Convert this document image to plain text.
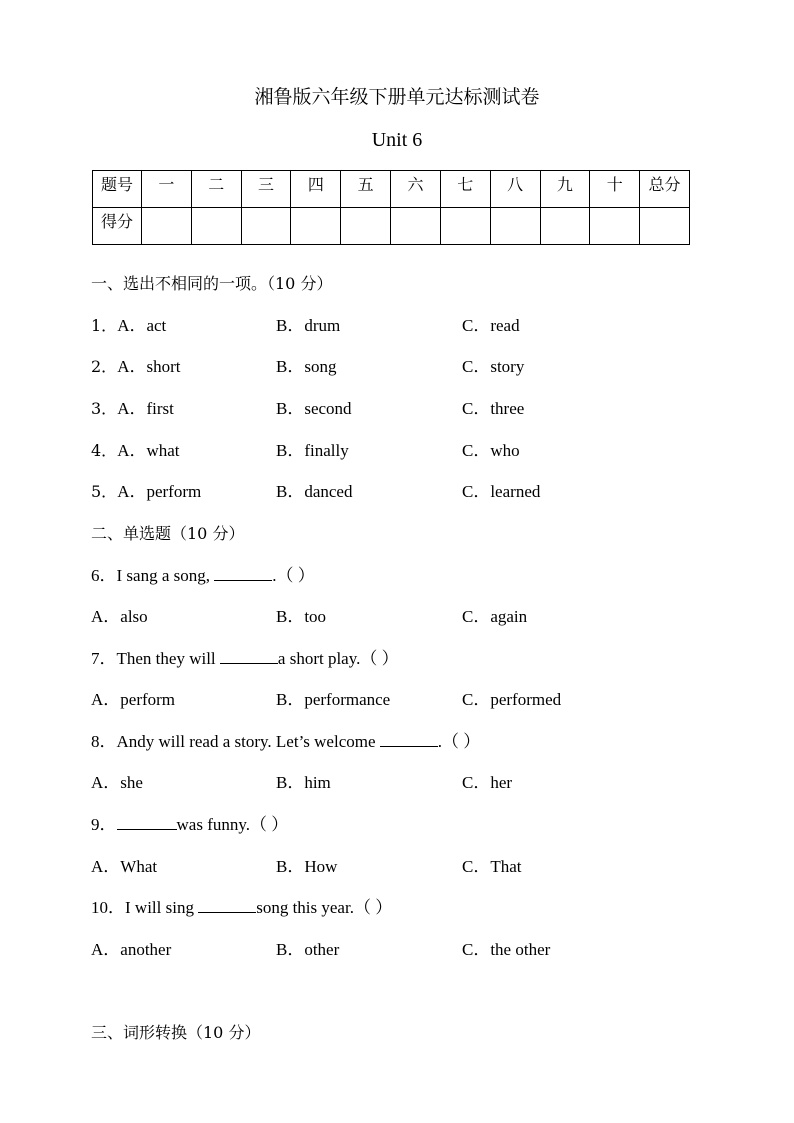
湘鲁版六年级下册单元达标测试卷
Unit 6
题号	一	二	三	四	五	六	七	八	九	十	总分
得分											
一、选出不相同的一项。（10 分）
1．A．act	B．drum	C．read
2．A．short	B．song	C．story
3．A．first	B．second	C．three
4．A．what	B．finally	C．who
5．A．perform	B．danced	C．learned
二、单选题（10 分）
6．I sang a song,	.（ ）
A．also	B．too	C．again
7．Then they will	a short play.（ ）
A．perform	B．performance	C．performed
8．Andy will read a story. Let’s welcome	.（ ）
A．she	B．him	C．her
9．	was funny.（ ）
A．What	B．How	C．That
10．I will sing	song this year.（ ）
A．another	B．other	C．the other
三、词形转换（10 分）
